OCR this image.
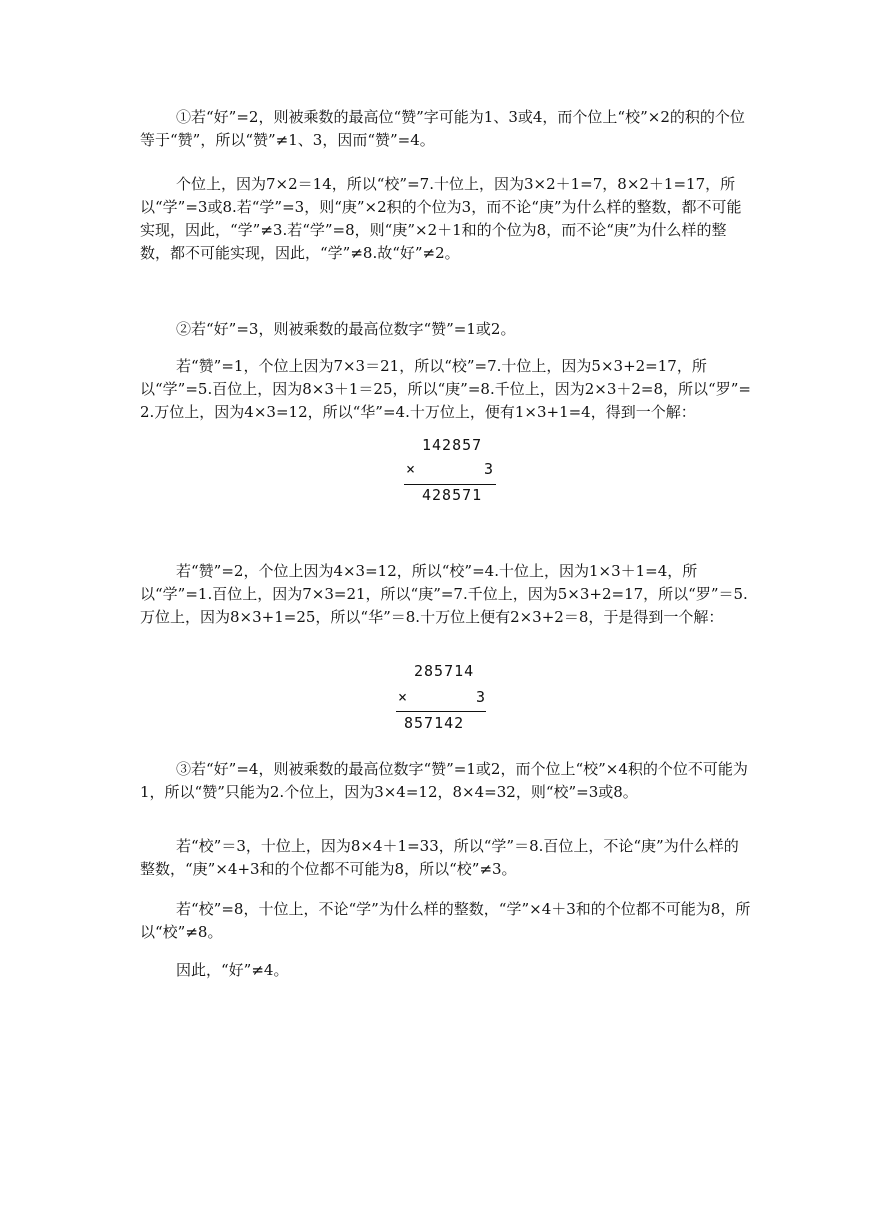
①若“好”=2，则被乘数的最高位“赞”字可能为1、3或4，而个位上“校”×2的积的个位等于“赞”，所以“赞”≠1、3，因而“赞”=4。

个位上，因为7×2＝14，所以“校”=7.十位上，因为3×2＋1=7，8×2＋1=17，所以“学”=3或8.若“学”=3，则“庚”×2积的个位为3，而不论“庚”为什么样的整数，都不可能实现，因此，“学”≠3.若“学”=8，则“庚”×2＋1和的个位为8，而不论“庚”为什么样的整数，都不可能实现，因此，“学”≠8.故“好”≠2。

②若“好”=3，则被乘数的最高位数字“赞”=1或2。

若“赞”=1，个位上因为7×3＝21，所以“校”=7.十位上，因为5×3+2=17，所以“学”=5.百位上，因为8×3＋1＝25，所以“庚”=8.千位上，因为2×3＋2=8，所以“罗”=2.万位上，因为4×3=12，所以“华”=4.十万位上，便有1×3+1=4，得到一个解：

142857
×	3
428571

若“赞”=2，个位上因为4×3=12，所以“校”=4.十位上，因为1×3＋1=4，所以“学”=1.百位上，因为7×3=21，所以“庚”=7.千位上，因为5×3+2=17，所以“罗”＝5.万位上，因为8×3+1=25，所以“华”＝8.十万位上便有2×3+2＝8，于是得到一个解：

285714
×	3
857142

③若“好”=4，则被乘数的最高位数字“赞”=1或2，而个位上“校”×4积的个位不可能为1，所以“赞”只能为2.个位上，因为3×4=12，8×4=32，则“校”=3或8。

若“校”＝3，十位上，因为8×4＋1=33，所以“学”＝8.百位上，不论“庚”为什么样的整数，“庚”×4+3和的个位都不可能为8，所以“校”≠3。

若“校”=8，十位上，不论“学”为什么样的整数，“学”×4＋3和的个位都不可能为8，所以“校”≠8。

因此，“好”≠4。
